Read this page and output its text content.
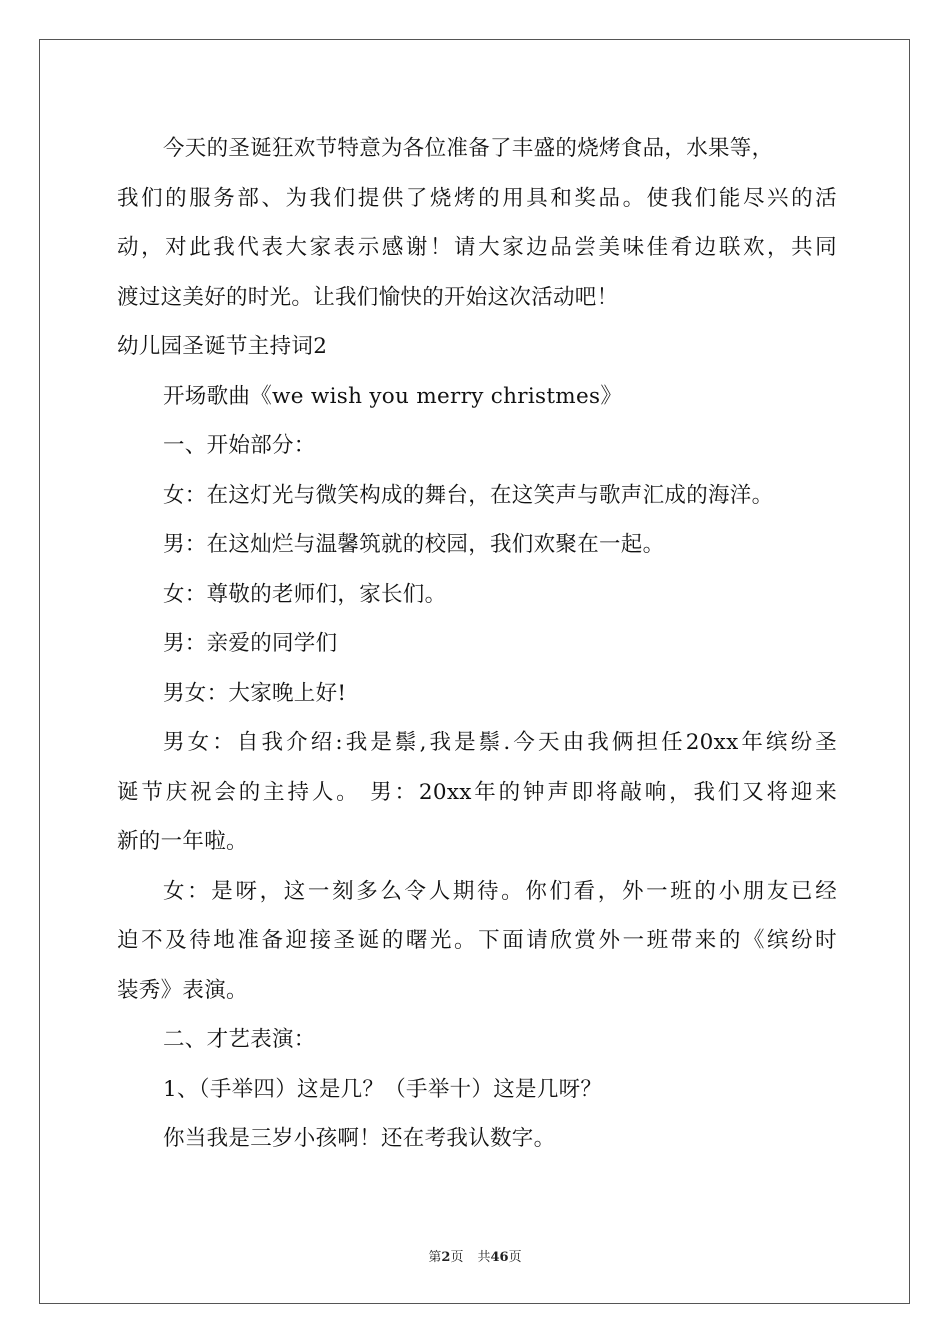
今天的圣诞狂欢节特意为各位准备了丰盛的烧烤食品，水果等，
我们的服务部、为我们提供了烧烤的用具和奖品。使我们能尽兴的活
动，对此我代表大家表示感谢！请大家边品尝美味佳肴边联欢，共同
渡过这美好的时光。让我们愉快的开始这次活动吧！
幼儿园圣诞节主持词2
开场歌曲《we wish you merry christmes》
一、开始部分：
女：在这灯光与微笑构成的舞台，在这笑声与歌声汇成的海洋。
男：在这灿烂与温馨筑就的校园，我们欢聚在一起。
女：尊敬的老师们，家长们。
男：亲爱的同学们
男女：大家晚上好!
男女：自我介绍:我是鬃,我是鬃.今天由我俩担任20xx年缤纷圣
诞节庆祝会的主持人。 男：20xx年的钟声即将敲响，我们又将迎来
新的一年啦。
女：是呀，这一刻多么令人期待。你们看，外一班的小朋友已经
迫不及待地准备迎接圣诞的曙光。下面请欣赏外一班带来的《缤纷时
装秀》表演。
二、才艺表演：
1、（手举四）这是几？（手举十）这是几呀？
你当我是三岁小孩啊！还在考我认数字。
第2页 共46页
